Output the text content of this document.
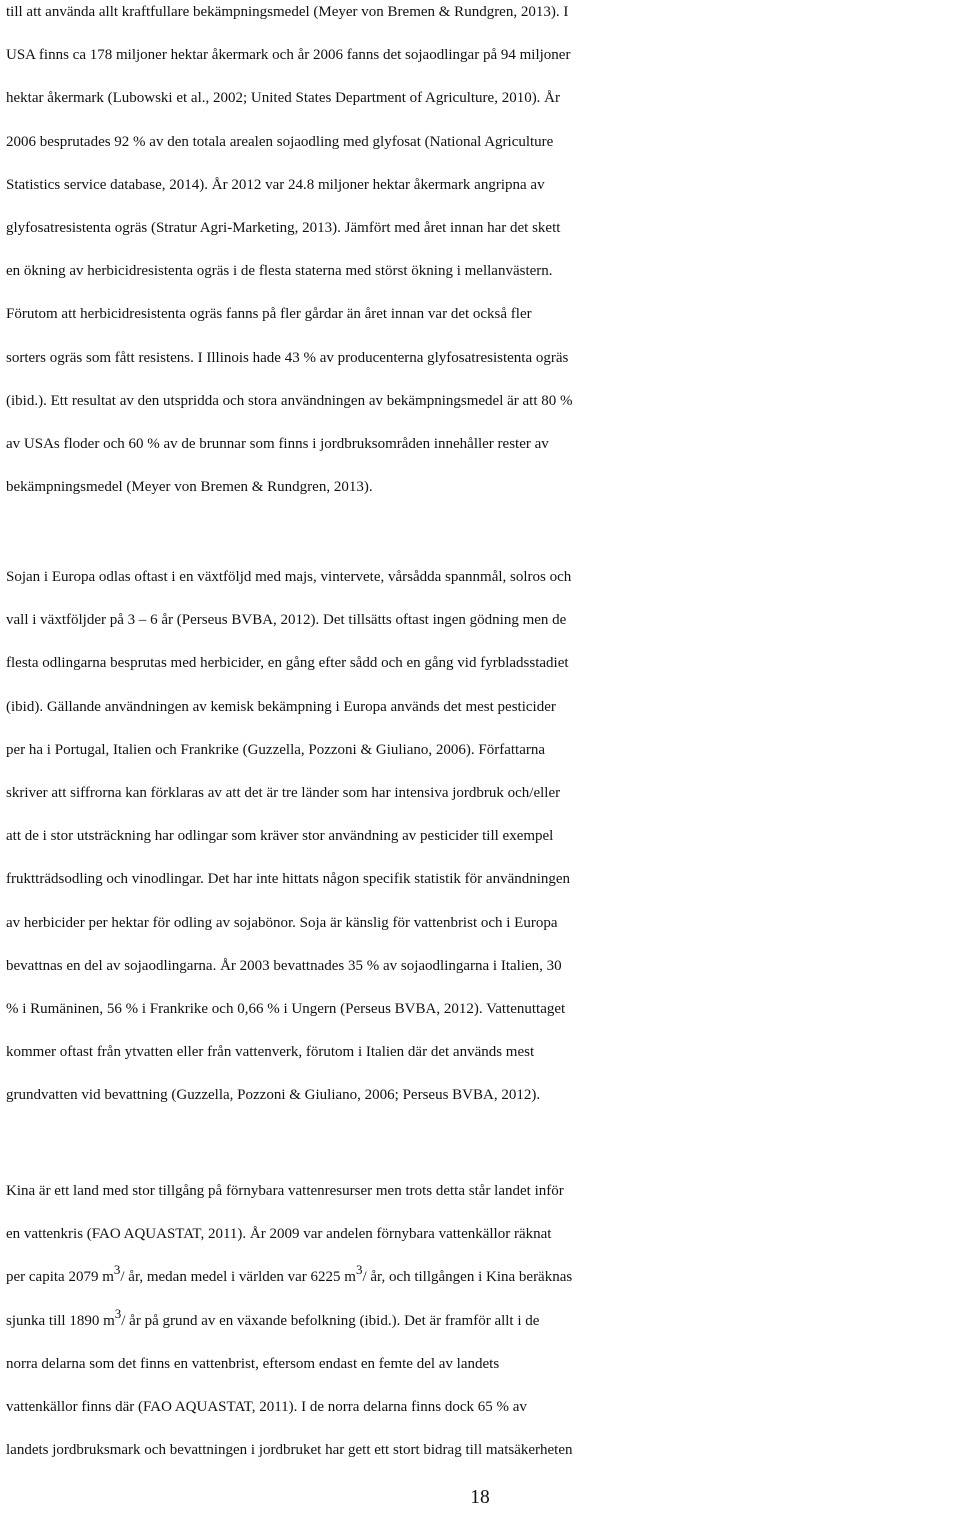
till att använda allt kraftfullare bekämpningsmedel (Meyer von Bremen & Rundgren, 2013). I
USA finns ca 178 miljoner hektar åkermark och år 2006 fanns det sojaodlingar på 94 miljoner
hektar åkermark (Lubowski et al., 2002; United States Department of Agriculture, 2010). År
2006 besprutades 92 % av den totala arealen sojaodling med glyfosat (National Agriculture
Statistics service database, 2014). År 2012 var 24.8 miljoner hektar åkermark angripna av
glyfosatresistenta ogräs (Stratur Agri-Marketing, 2013). Jämfört med året innan har det skett
en ökning av herbicidresistenta ogräs i de flesta staterna med störst ökning i mellanvästern.
Förutom att herbicidresistenta ogräs fanns på fler gårdar än året innan var det också fler
sorters ogräs som fått resistens. I Illinois hade 43 % av producenterna glyfosatresistenta ogräs
(ibid.). Ett resultat av den utspridda och stora användningen av bekämpningsmedel är att 80 %
av USAs floder och 60 % av de brunnar som finns i jordbruksområden innehåller rester av
bekämpningsmedel (Meyer von Bremen & Rundgren, 2013).
Sojan i Europa odlas oftast i en växtföljd med majs, vintervete, vårsådda spannmål, solros och
vall i växtföljder på 3 – 6 år (Perseus BVBA, 2012). Det tillsätts oftast ingen gödning men de
flesta odlingarna besprutas med herbicider, en gång efter sådd och en gång vid fyrbladsstadiet
(ibid). Gällande användningen av kemisk bekämpning i Europa används det mest pesticider
per ha i Portugal, Italien och Frankrike (Guzzella, Pozzoni & Giuliano, 2006). Författarna
skriver att siffrorna kan förklaras av att det är tre länder som har intensiva jordbruk och/eller
att de i stor utsträckning har odlingar som kräver stor användning av pesticider till exempel
fruktträdsodling och vinodlingar. Det har inte hittats någon specifik statistik för användningen
av herbicider per hektar för odling av sojabönor. Soja är känslig för vattenbrist och i Europa
bevattnas en del av sojaodlingarna. År 2003 bevattnades 35 % av sojaodlingarna i Italien, 30
% i Rumäninen, 56 % i Frankrike och 0,66 % i Ungern (Perseus BVBA, 2012). Vattenuttaget
kommer oftast från ytvatten eller från vattenverk, förutom i Italien där det används mest
grundvatten vid bevattning (Guzzella, Pozzoni & Giuliano, 2006; Perseus BVBA, 2012).
Kina är ett land med stor tillgång på förnybara vattenresurser men trots detta står landet inför
en vattenkris (FAO AQUASTAT, 2011). År 2009 var andelen förnybara vattenkällor räknat
per capita 2079 $m^3/$ år, medan medel i världen var 6225 $m^3/$ år, och tillgången i Kina beräknas
sjunka till 1890 $m^3/$ år på grund av en växande befolkning (ibid.). Det är framför allt i de
norra delarna som det finns en vattenbrist, eftersom endast en femte del av landets
vattenkällor finns där (FAO AQUASTAT, 2011). I de norra delarna finns dock 65 % av
landets jordbruksmark och bevattningen i jordbruket har gett ett stort bidrag till matsäkerheten
18
